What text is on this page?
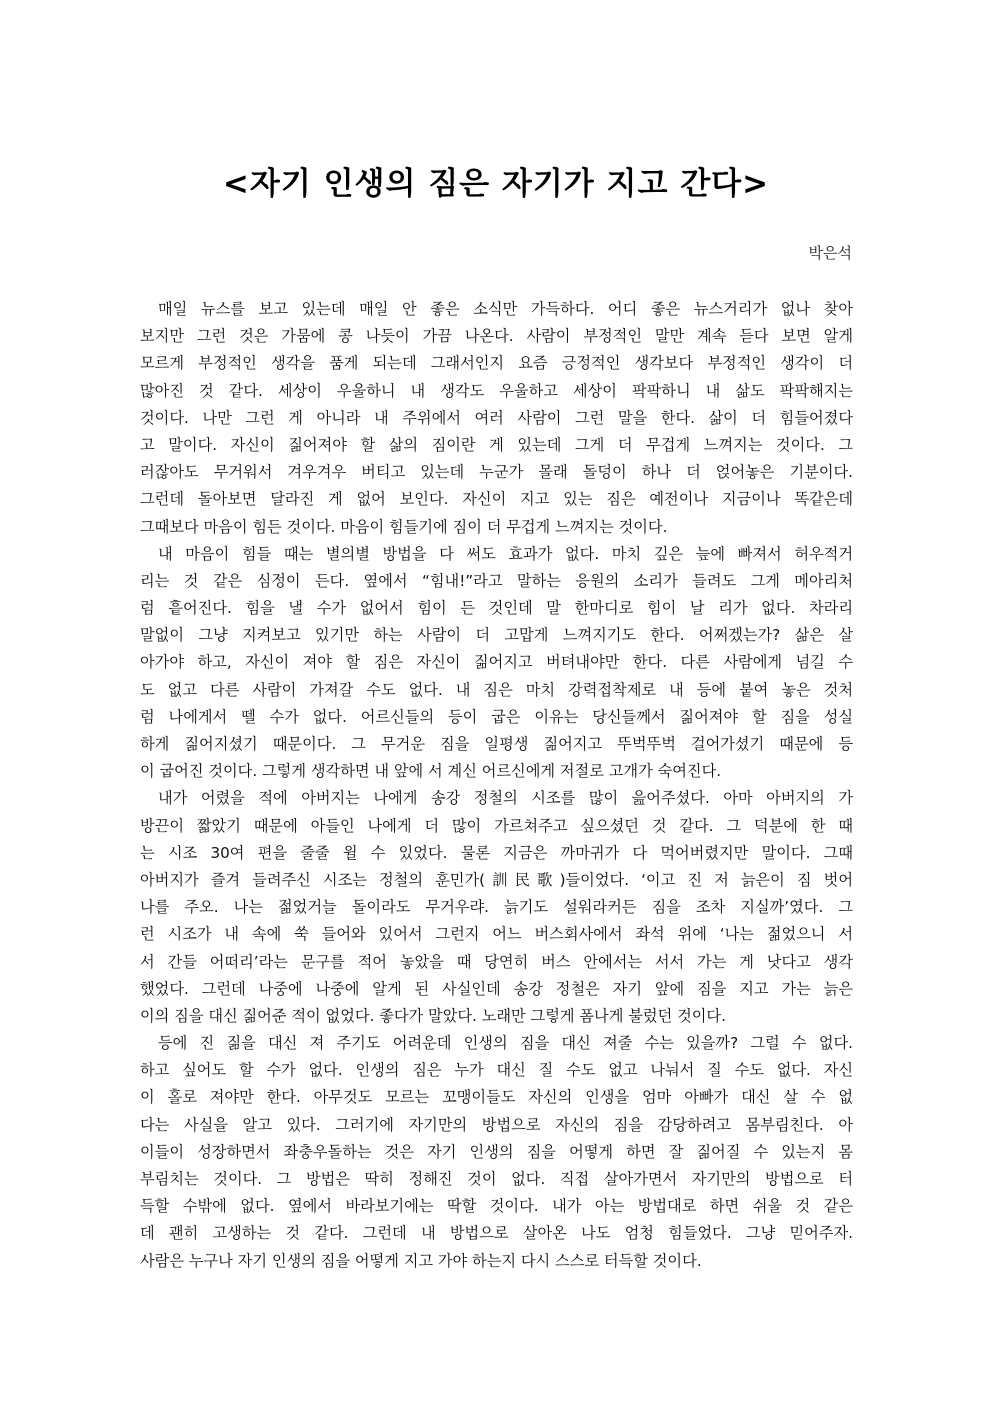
<자기 인생의 짐은 자기가 지고 간다>
박은석
매일 뉴스를 보고 있는데 매일 안 좋은 소식만 가득하다. 어디 좋은 뉴스거리가 없나 찾아
보지만 그런 것은 가뭄에 콩 나듯이 가끔 나온다. 사람이 부정적인 말만 계속 듣다 보면 알게
모르게 부정적인 생각을 품게 되는데 그래서인지 요즘 긍정적인 생각보다 부정적인 생각이 더
많아진 것 같다. 세상이 우울하니 내 생각도 우울하고 세상이 팍팍하니 내 삶도 팍팍해지는
것이다. 나만 그런 게 아니라 내 주위에서 여러 사람이 그런 말을 한다. 삶이 더 힘들어졌다
고 말이다. 자신이 짊어져야 할 삶의 짐이란 게 있는데 그게 더 무겁게 느껴지는 것이다. 그
러잖아도 무거워서 겨우겨우 버티고 있는데 누군가 몰래 돌덩이 하나 더 얹어놓은 기분이다.
그런데 돌아보면 달라진 게 없어 보인다. 자신이 지고 있는 짐은 예전이나 지금이나 똑같은데
그때보다 마음이 힘든 것이다. 마음이 힘들기에 짐이 더 무겁게 느껴지는 것이다.
내 마음이 힘들 때는 별의별 방법을 다 써도 효과가 없다. 마치 깊은 늪에 빠져서 허우적거
리는 것 같은 심정이 든다. 옆에서 “힘내!”라고 말하는 응원의 소리가 들려도 그게 메아리처
럼 흩어진다. 힘을 낼 수가 없어서 힘이 든 것인데 말 한마디로 힘이 날 리가 없다. 차라리
말없이 그냥 지켜보고 있기만 하는 사람이 더 고맙게 느껴지기도 한다. 어쩌겠는가? 삶은 살
아가야 하고, 자신이 져야 할 짐은 자신이 짊어지고 버텨내야만 한다. 다른 사람에게 넘길 수
도 없고 다른 사람이 가져갈 수도 없다. 내 짐은 마치 강력접착제로 내 등에 붙여 놓은 것처
럼 나에게서 뗄 수가 없다. 어르신들의 등이 굽은 이유는 당신들께서 짊어져야 할 짐을 성실
하게 짊어지셨기 때문이다. 그 무거운 짐을 일평생 짊어지고 뚜벅뚜벅 걸어가셨기 때문에 등
이 굽어진 것이다. 그렇게 생각하면 내 앞에 서 계신 어르신에게 저절로 고개가 숙여진다.
내가 어렸을 적에 아버지는 나에게 송강 정철의 시조를 많이 읊어주셨다. 아마 아버지의 가
방끈이 짧았기 때문에 아들인 나에게 더 많이 가르쳐주고 싶으셨던 것 같다. 그 덕분에 한 때
는 시조 30여 편을 줄줄 윌 수 있었다. 물론 지금은 까마귀가 다 먹어버렸지만 말이다. 그때
아버지가 즐겨 들려주신 시조는 정철의 훈민가(訓民歌)들이었다. ‘이고 진 저 늙은이 짐 벗어
나를 주오. 나는 젊었거늘 돌이라도 무거우랴. 늙기도 설워라커든 짐을 조차 지실까’였다. 그
런 시조가 내 속에 쑥 들어와 있어서 그런지 어느 버스회사에서 좌석 위에 ‘나는 젊었으니 서
서 간들 어떠리’라는 문구를 적어 놓았을 때 당연히 버스 안에서는 서서 가는 게 낫다고 생각
했었다. 그런데 나중에 나중에 알게 된 사실인데 송강 정철은 자기 앞에 짐을 지고 가는 늙은
이의 짐을 대신 짊어준 적이 없었다. 좋다가 말았다. 노래만 그렇게 폼나게 불렀던 것이다.
등에 진 짊을 대신 져 주기도 어려운데 인생의 짐을 대신 져줄 수는 있을까? 그럴 수 없다.
하고 싶어도 할 수가 없다. 인생의 짐은 누가 대신 질 수도 없고 나눠서 질 수도 없다. 자신
이 홀로 져야만 한다. 아무것도 모르는 꼬맹이들도 자신의 인생을 엄마 아빠가 대신 살 수 없
다는 사실을 알고 있다. 그러기에 자기만의 방법으로 자신의 짐을 감당하려고 몸부림친다. 아
이들이 성장하면서 좌충우돌하는 것은 자기 인생의 짐을 어떻게 하면 잘 짊어질 수 있는지 몸
부림치는 것이다. 그 방법은 딱히 정해진 것이 없다. 직접 살아가면서 자기만의 방법으로 터
득할 수밖에 없다. 옆에서 바라보기에는 딱할 것이다. 내가 아는 방법대로 하면 쉬울 것 같은
데 괜히 고생하는 것 같다. 그런데 내 방법으로 살아온 나도 엄청 힘들었다. 그냥 믿어주자.
사람은 누구나 자기 인생의 짐을 어떻게 지고 가야 하는지 다시 스스로 터득할 것이다.
